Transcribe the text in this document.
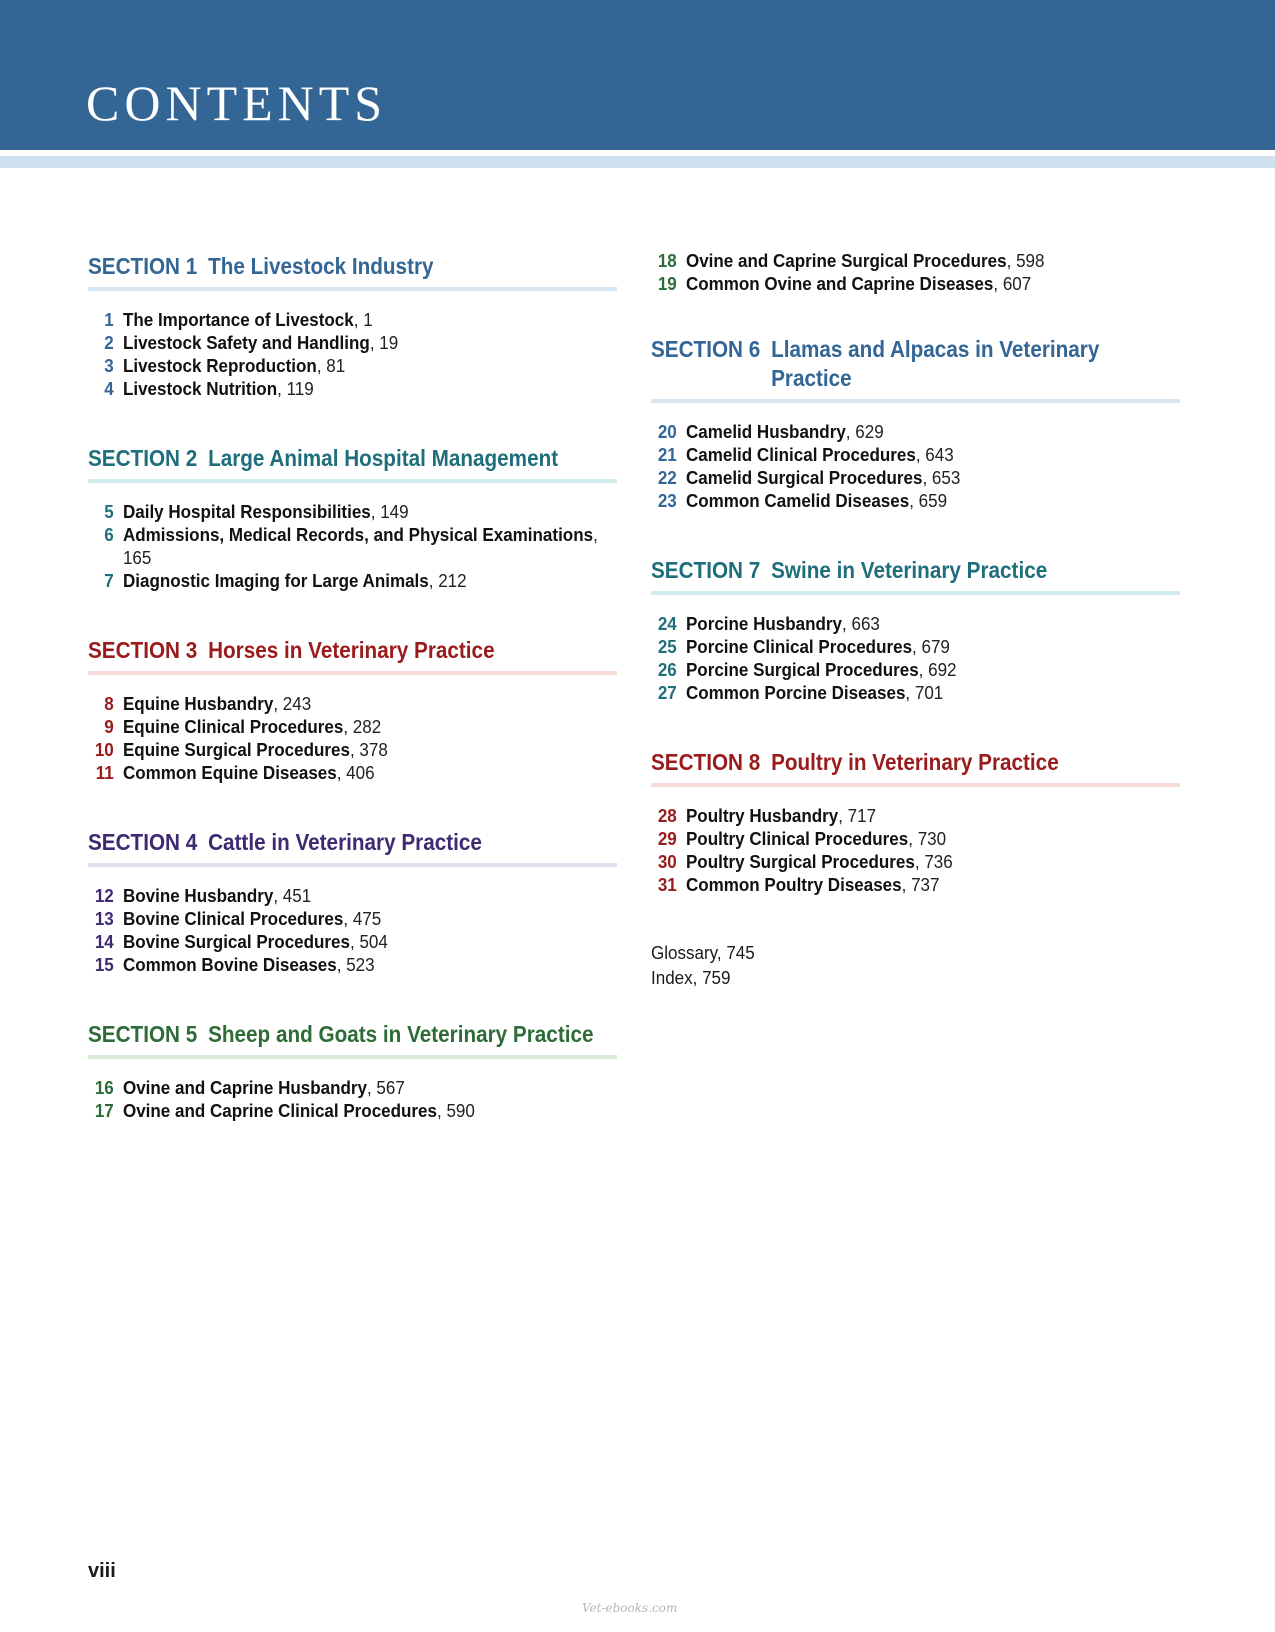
CONTENTS
SECTION 1 The Livestock Industry
1 The Importance of Livestock, 1
2 Livestock Safety and Handling, 19
3 Livestock Reproduction, 81
4 Livestock Nutrition, 119
SECTION 2 Large Animal Hospital Management
5 Daily Hospital Responsibilities, 149
6 Admissions, Medical Records, and Physical Examinations, 165
7 Diagnostic Imaging for Large Animals, 212
SECTION 3 Horses in Veterinary Practice
8 Equine Husbandry, 243
9 Equine Clinical Procedures, 282
10 Equine Surgical Procedures, 378
11 Common Equine Diseases, 406
SECTION 4 Cattle in Veterinary Practice
12 Bovine Husbandry, 451
13 Bovine Clinical Procedures, 475
14 Bovine Surgical Procedures, 504
15 Common Bovine Diseases, 523
SECTION 5 Sheep and Goats in Veterinary Practice
16 Ovine and Caprine Husbandry, 567
17 Ovine and Caprine Clinical Procedures, 590
18 Ovine and Caprine Surgical Procedures, 598
19 Common Ovine and Caprine Diseases, 607
SECTION 6 Llamas and Alpacas in Veterinary Practice
20 Camelid Husbandry, 629
21 Camelid Clinical Procedures, 643
22 Camelid Surgical Procedures, 653
23 Common Camelid Diseases, 659
SECTION 7 Swine in Veterinary Practice
24 Porcine Husbandry, 663
25 Porcine Clinical Procedures, 679
26 Porcine Surgical Procedures, 692
27 Common Porcine Diseases, 701
SECTION 8 Poultry in Veterinary Practice
28 Poultry Husbandry, 717
29 Poultry Clinical Procedures, 730
30 Poultry Surgical Procedures, 736
31 Common Poultry Diseases, 737
Glossary, 745
Index, 759
viii
Vet-ebooks.com
